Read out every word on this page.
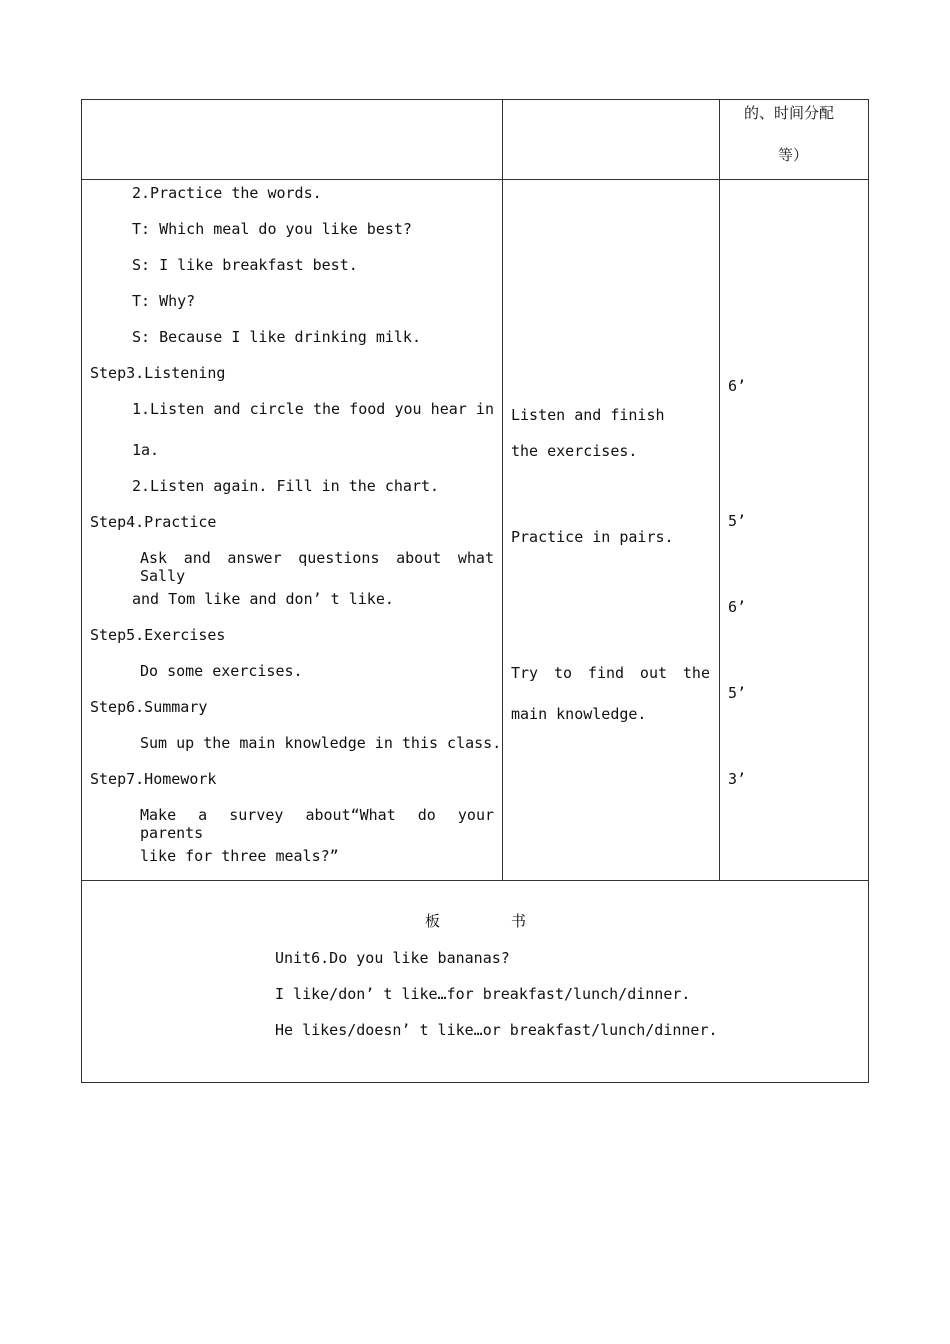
的、时间分配
等）
2.Practice the words.
T: Which meal do you like best?
S: I like breakfast best.
T: Why?
S: Because I like drinking milk.
Step3.Listening
1.Listen and circle the food you hear in
1a.
2.Listen again. Fill in the chart.
Step4.Practice
Ask and answer questions about what Sally
and Tom like and don’ t like.
Step5.Exercises
Do some exercises.
Step6.Summary
Sum up the main knowledge in this class.
Step7.Homework
Make a survey about“What do your parents
like for three meals?”
Listen and finish
the exercises.
Practice in pairs.
Try to find out the
main knowledge.
6’
5’
6’
5’
3’
板	书
Unit6.Do you like bananas?
I like/don’ t like…for breakfast/lunch/dinner.
He likes/doesn’ t like…or breakfast/lunch/dinner.
